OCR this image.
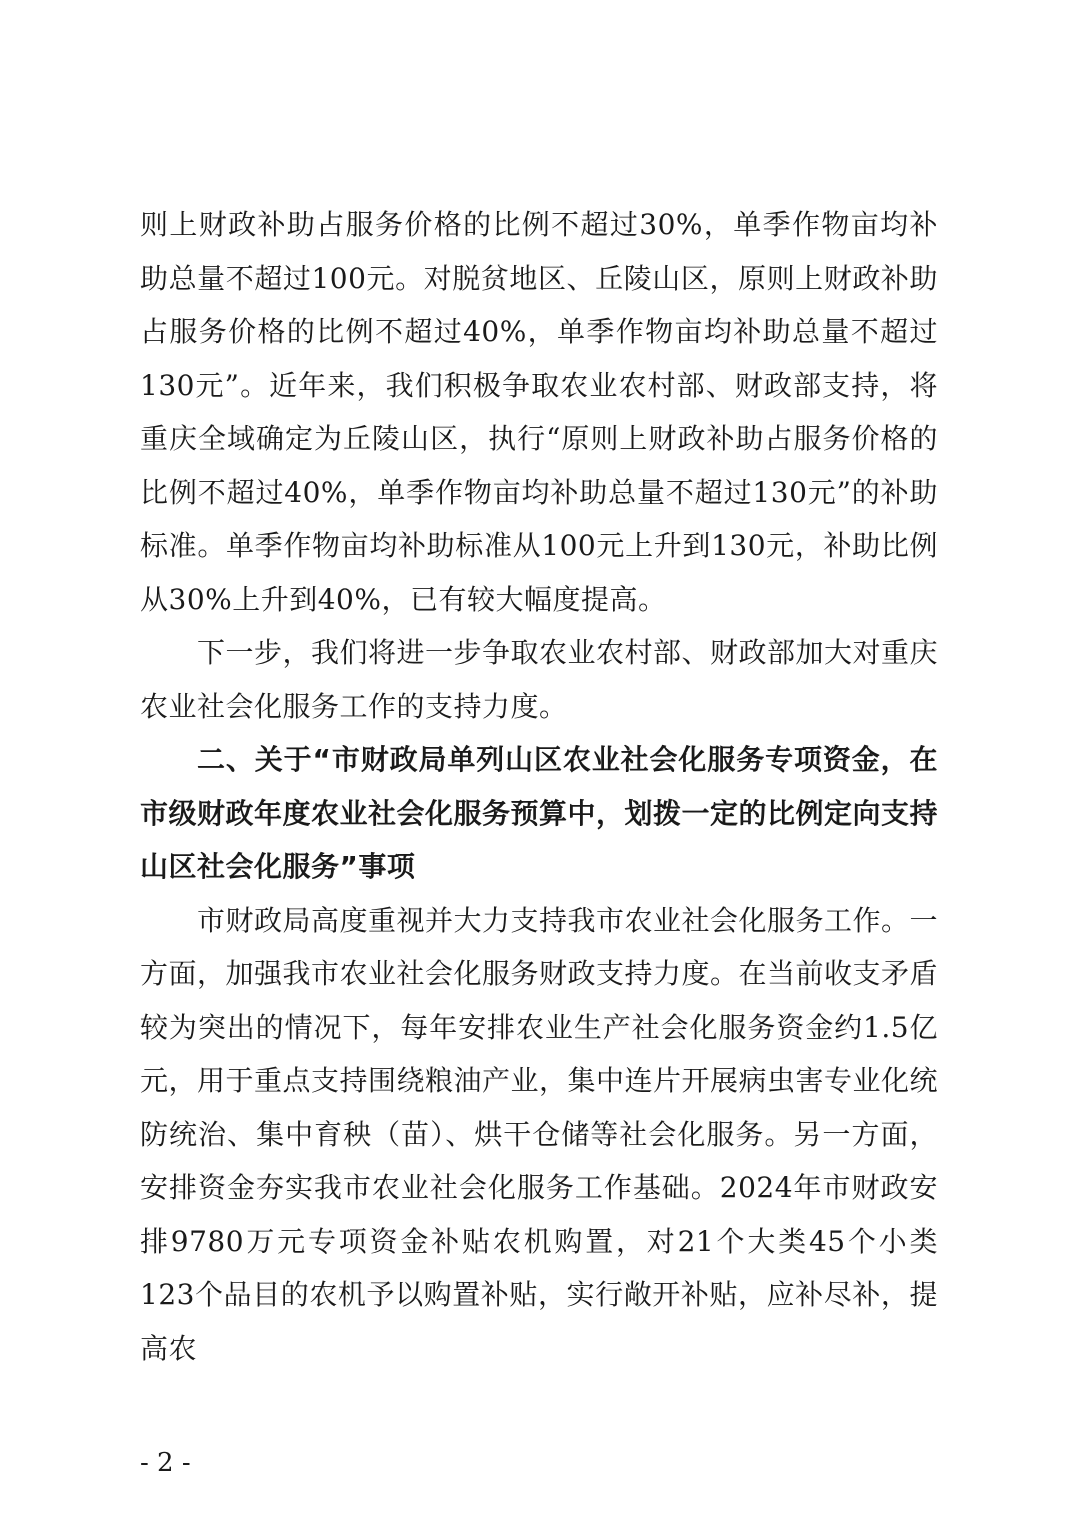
则上财政补助占服务价格的比例不超过30%，单季作物亩均补助总量不超过100元。对脱贫地区、丘陵山区，原则上财政补助占服务价格的比例不超过40%，单季作物亩均补助总量不超过130元”。近年来，我们积极争取农业农村部、财政部支持，将重庆全域确定为丘陵山区，执行“原则上财政补助占服务价格的比例不超过40%，单季作物亩均补助总量不超过130元”的补助标准。单季作物亩均补助标准从100元上升到130元，补助比例从30%上升到40%，已有较大幅度提高。

下一步，我们将进一步争取农业农村部、财政部加大对重庆农业社会化服务工作的支持力度。

二、关于“市财政局单列山区农业社会化服务专项资金，在市级财政年度农业社会化服务预算中，划拨一定的比例定向支持山区社会化服务”事项

市财政局高度重视并大力支持我市农业社会化服务工作。一方面，加强我市农业社会化服务财政支持力度。在当前收支矛盾较为突出的情况下，每年安排农业生产社会化服务资金约1.5亿元，用于重点支持围绕粮油产业，集中连片开展病虫害专业化统防统治、集中育秧（苗）、烘干仓储等社会化服务。另一方面，安排资金夯实我市农业社会化服务工作基础。2024年市财政安排9780万元专项资金补贴农机购置，对21个大类45个小类123个品目的农机予以购置补贴，实行敞开补贴，应补尽补，提高农

- 2 -
